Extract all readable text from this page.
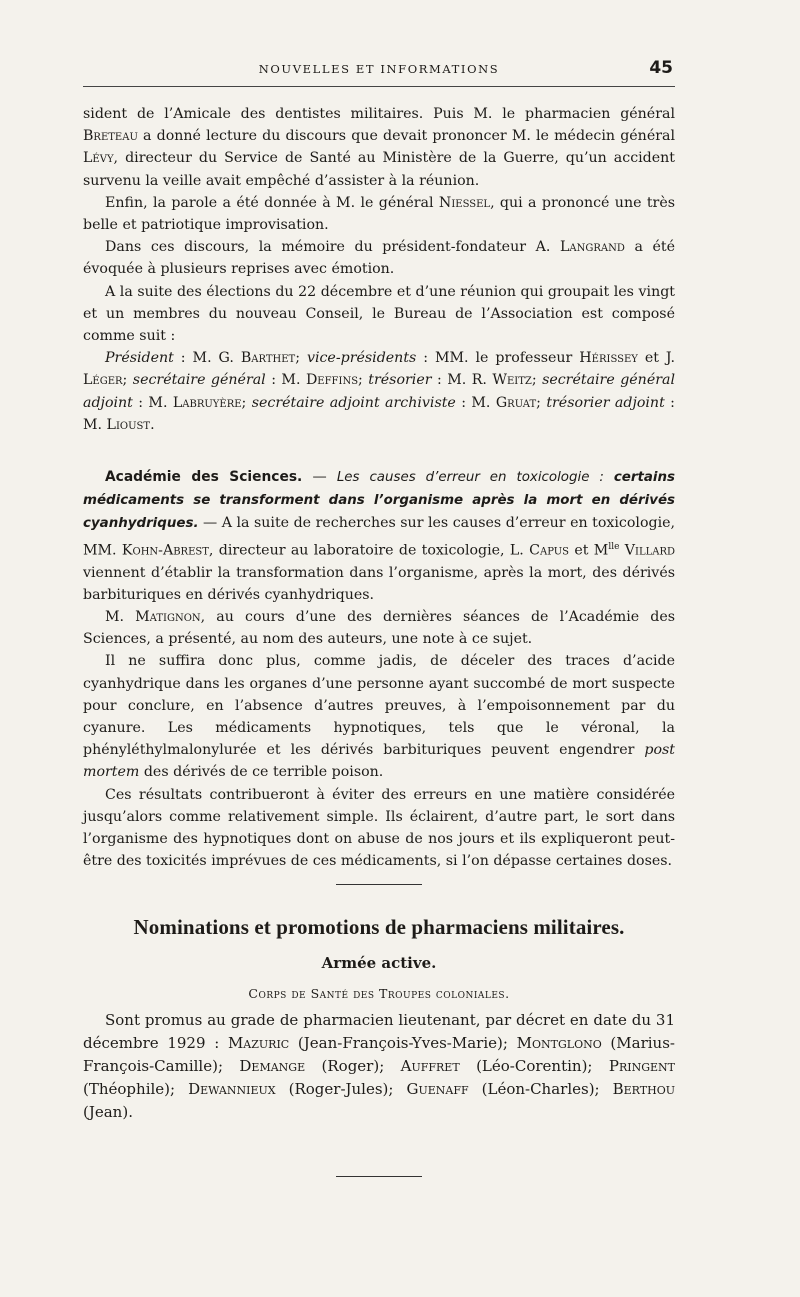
NOUVELLES ET INFORMATIONS	45

sident de l’Amicale des dentistes militaires. Puis M. le pharmacien général Breteau a donné lecture du discours que devait prononcer M. le médecin général Lévy, directeur du Service de Santé au Ministère de la Guerre, qu’un accident survenu la veille avait empêché d’assister à la réunion.

Enfin, la parole a été donnée à M. le général Niessel, qui a prononcé une très belle et patriotique improvisation.

Dans ces discours, la mémoire du président-fondateur A. Langrand a été évoquée à plusieurs reprises avec émotion.

A la suite des élections du 22 décembre et d’une réunion qui groupait les vingt et un membres du nouveau Conseil, le Bureau de l’Association est composé comme suit :

Président : M. G. Barthet; vice-présidents : MM. le professeur Hérissey et J. Léger; secrétaire général : M. Deffins; trésorier : M. R. Weitz; secrétaire général adjoint : M. Labruyère; secrétaire adjoint archiviste : M. Gruat; trésorier adjoint : M. Lioust.

Académie des Sciences. — Les causes d’erreur en toxicologie : certains médicaments se transforment dans l’organisme après la mort en dérivés cyanhydriques. — A la suite de recherches sur les causes d’erreur en toxicologie, MM. Kohn-Abrest, directeur au laboratoire de toxicologie, L. Capus et $M^{lle}$ Villard viennent d’établir la transformation dans l’organisme, après la mort, des dérivés barbituriques en dérivés cyanhydriques.

M. Matignon, au cours d’une des dernières séances de l’Académie des Sciences, a présenté, au nom des auteurs, une note à ce sujet.

Il ne suffira donc plus, comme jadis, de déceler des traces d’acide cyanhydrique dans les organes d’une personne ayant succombé de mort suspecte pour conclure, en l’absence d’autres preuves, à l’empoisonnement par du cyanure. Les médicaments hypnotiques, tels que le véronal, la phényléthylmalonylurée et les dérivés barbituriques peuvent engendrer post mortem des dérivés de ce terrible poison.

Ces résultats contribueront à éviter des erreurs en une matière considérée jusqu’alors comme relativement simple. Ils éclairent, d’autre part, le sort dans l’organisme des hypnotiques dont on abuse de nos jours et ils expliqueront peut-être des toxicités imprévues de ces médicaments, si l’on dépasse certaines doses.

Nominations et promotions de pharmaciens militaires.
Armée active.
Corps de Santé des Troupes coloniales.

Sont promus au grade de pharmacien lieutenant, par décret en date du 31 décembre 1929 : Mazuric (Jean-François-Yves-Marie); Montglono (Marius-François-Camille); Demange (Roger); Auffret (Léo-Corentin); Pringent (Théophile); Dewannieux (Roger-Jules); Guenaff (Léon-Charles); Berthou (Jean).
